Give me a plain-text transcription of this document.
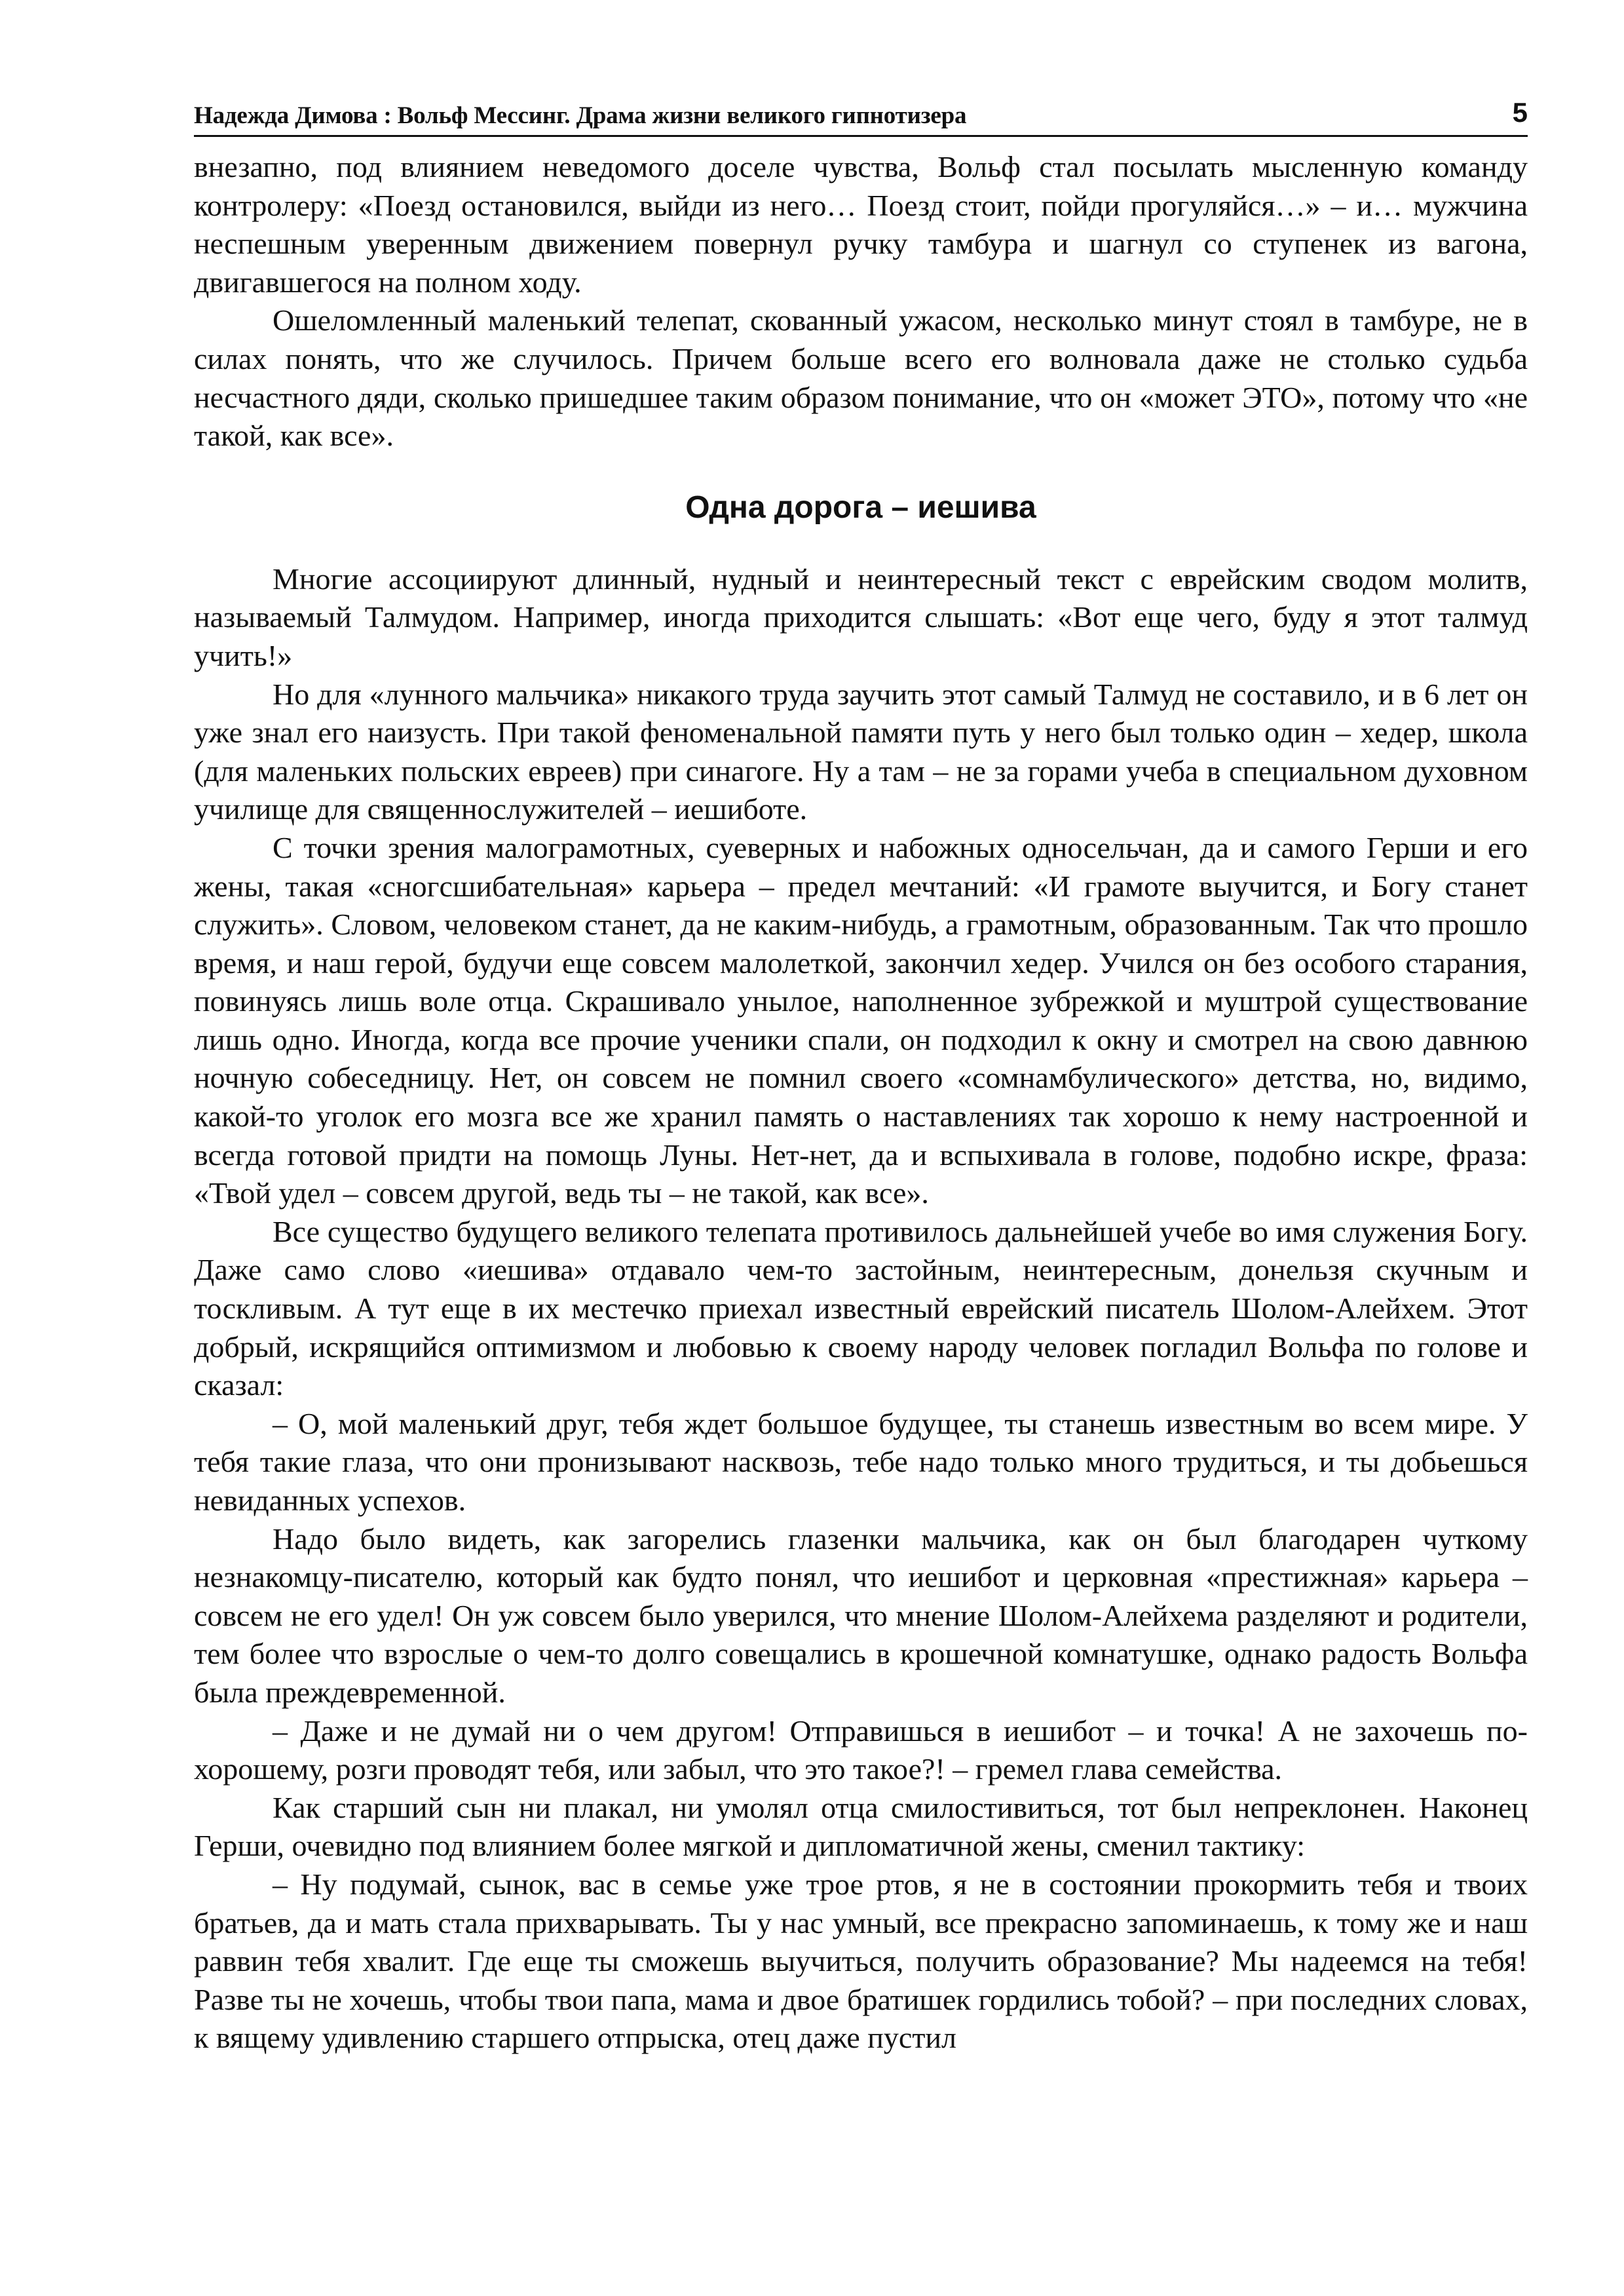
Надежда Димова : Вольф Мессинг. Драма жизни великого гипнотизера	5

внезапно, под влиянием неведомого доселе чувства, Вольф стал посылать мысленную команду контролеру: «Поезд остановился, выйди из него… Поезд стоит, пойди прогуляйся…» – и… мужчина неспешным уверенным движением повернул ручку тамбура и шагнул со ступенек из вагона, двигавшегося на полном ходу.

Ошеломленный маленький телепат, скованный ужасом, несколько минут стоял в тамбуре, не в силах понять, что же случилось. Причем больше всего его волновала даже не столько судьба несчастного дяди, сколько пришедшее таким образом понимание, что он «может ЭТО», потому что «не такой, как все».

Одна дорога – иешива

Многие ассоциируют длинный, нудный и неинтересный текст с еврейским сводом молитв, называемый Талмудом. Например, иногда приходится слышать: «Вот еще чего, буду я этот талмуд учить!»

Но для «лунного мальчика» никакого труда заучить этот самый Талмуд не составило, и в 6 лет он уже знал его наизусть. При такой феноменальной памяти путь у него был только один – хедер, школа (для маленьких польских евреев) при синагоге. Ну а там – не за горами учеба в специальном духовном училище для священнослужителей – иешиботе.

С точки зрения малограмотных, суеверных и набожных односельчан, да и самого Герши и его жены, такая «сногсшибательная» карьера – предел мечтаний: «И грамоте выучится, и Богу станет служить». Словом, человеком станет, да не каким-нибудь, а грамотным, образованным. Так что прошло время, и наш герой, будучи еще совсем малолеткой, закончил хедер. Учился он без особого старания, повинуясь лишь воле отца. Скрашивало унылое, наполненное зубрежкой и муштрой существование лишь одно. Иногда, когда все прочие ученики спали, он подходил к окну и смотрел на свою давнюю ночную собеседницу. Нет, он совсем не помнил своего «сомнамбулического» детства, но, видимо, какой-то уголок его мозга все же хранил память о наставлениях так хорошо к нему настроенной и всегда готовой придти на помощь Луны. Нет-нет, да и вспыхивала в голове, подобно искре, фраза: «Твой удел – совсем другой, ведь ты – не такой, как все».

Все существо будущего великого телепата противилось дальнейшей учебе во имя служения Богу. Даже само слово «иешива» отдавало чем-то застойным, неинтересным, донельзя скучным и тоскливым. А тут еще в их местечко приехал известный еврейский писатель Шолом-Алейхем. Этот добрый, искрящийся оптимизмом и любовью к своему народу человек погладил Вольфа по голове и сказал:

– О, мой маленький друг, тебя ждет большое будущее, ты станешь известным во всем мире. У тебя такие глаза, что они пронизывают насквозь, тебе надо только много трудиться, и ты добьешься невиданных успехов.

Надо было видеть, как загорелись глазенки мальчика, как он был благодарен чуткому незнакомцу-писателю, который как будто понял, что иешибот и церковная «престижная» карьера – совсем не его удел! Он уж совсем было уверился, что мнение Шолом-Алейхема разделяют и родители, тем более что взрослые о чем-то долго совещались в крошечной комнатушке, однако радость Вольфа была преждевременной.

– Даже и не думай ни о чем другом! Отправишься в иешибот – и точка! А не захочешь по-хорошему, розги проводят тебя, или забыл, что это такое?! – гремел глава семейства.

Как старший сын ни плакал, ни умолял отца смилостивиться, тот был непреклонен. Наконец Герши, очевидно под влиянием более мягкой и дипломатичной жены, сменил тактику:

– Ну подумай, сынок, вас в семье уже трое ртов, я не в состоянии прокормить тебя и твоих братьев, да и мать стала прихварывать. Ты у нас умный, все прекрасно запоминаешь, к тому же и наш раввин тебя хвалит. Где еще ты сможешь выучиться, получить образование? Мы надеемся на тебя! Разве ты не хочешь, чтобы твои папа, мама и двое братишек гордились тобой? – при последних словах, к вящему удивлению старшего отпрыска, отец даже пустил
